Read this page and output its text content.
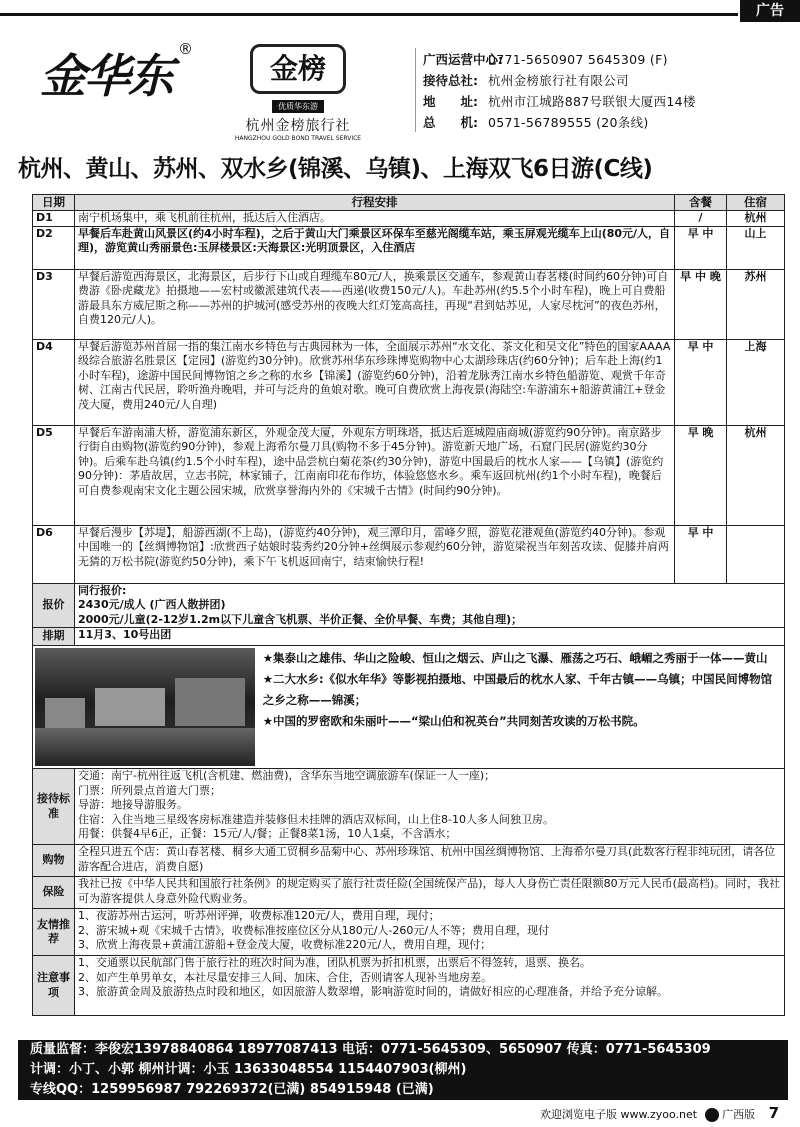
广告
金华东 ®
金榜
优质华东游
杭州金榜旅行社
HANGZHOU GOLD BOND TRAVEL SERVICE
广西运营中心:0771-5650907 5645309 (F)
接待总社: 杭州金榜旅行社有限公司
地　　址: 杭州市江城路887号联银大厦西14楼
总　　机: 0571-56789555 (20条线)
杭州、黄山、苏州、双水乡(锦溪、乌镇)、上海双飞6日游(C线)
日期	行程安排	含餐	住宿
D1	南宁机场集中，乘飞机前往杭州，抵达后入住酒店。	/	杭州
D2	早餐后车赴黄山风景区(约4小时车程)，之后于黄山大门乘景区环保车至慈光阁缆车站，乘玉屏观光缆车上山(80元/人，自理)，游览黄山秀丽景色:玉屏楼景区:天海景区:光明顶景区，入住酒店	早 中	山上
D3	早餐后游览西海景区，北海景区，后步行下山或自理缆车80元/人，换乘景区交通车，参观黄山春茗楼(时间约60分钟)可自费游《卧虎藏龙》拍摄地——宏村或徽派建筑代表——西递(收费150元/人)。车赴苏州(约5.5个小时车程)，晚上可自费船游最具东方威尼斯之称——苏州的护城河(感受苏州的夜晚大红灯笼高高挂，再现“君到姑苏见，人家尽枕河”的夜色苏州，自费120元/人)。	早 中 晚	苏州
D4	早餐后游览苏州首屈一指的集江南水乡特色与古典园林为一体，全面展示苏州“水文化、茶文化和吴文化”特色的国家AAAA级综合旅游名胜景区【定园】(游览约30分钟)。欣赏苏州华东珍珠博览购物中心太湖珍珠店(约60分钟)；后车赴上海(约1小时车程)，途游中国民间博物馆之乡之称的水乡【锦溪】(游览约60分钟)，沿着龙脉秀江南水乡特色船游览、观赏千年奇树、江南古代民居，聆听渔舟晚唱，并可与泛舟的鱼娘对歌。晚可自费欣赏上海夜景(海陆空:车游浦东+船游黄浦江+登金茂大厦，费用240元/人自理)	早 中	上海
D5	早餐后车游南浦大桥，游览浦东新区，外观金茂大厦，外观东方明珠塔，抵达后逛城隍庙商城(游览约90分钟)。南京路步行街自由购物(游览约90分钟)，参观上海希尔曼刀具(购物不多于45分钟)。游览新天地广场，石窟门民居(游览约30分钟)。后乘车赴乌镇(约1.5个小时车程)，途中品尝杭白菊花茶(约30分钟)，游览中国最后的枕水人家——【乌镇】(游览约90分钟)：茅盾故居，立志书院，林家铺子，江南南印花布作坊，体验悠悠水乡。乘车返回杭州(约1个小时车程)，晚餐后可自费参观南宋文化主题公园宋城，欣赏享誉海内外的《宋城千古情》(时间约90分钟)。	早 晚	杭州
D6	早餐后漫步【苏堤】，船游西湖(不上岛)，(游览约40分钟)，观三潭印月，雷峰夕照，游览花港观鱼(游览约40分钟)。参观中国唯一的【丝绸博物馆】:欣赏西子姑娘时装秀约20分钟+丝绸展示参观约60分钟，游览梁祝当年刻苦攻读、促膝并肩两无猜的万松书院(游览约50分钟)，乘下午飞机返回南宁，结束愉快行程!	早 中	
报价	同行报价:
2430元/成人 (广西人散拼团)
2000元/儿童(2-12岁1.2m以下儿童含飞机票、半价正餐、全价早餐、车费；其他自理)；		

排期	11月3、10号出团		

★集泰山之雄伟、华山之险峻、恒山之烟云、庐山之飞瀑、雁荡之巧石、峨嵋之秀丽于一体——黄山
★二大水乡:《似水年华》等影视拍摄地、中国最后的枕水人家、千年古镇——乌镇；中国民间博物馆之乡之称——锦溪；
★中国的罗密欧和朱丽叶——“梁山伯和祝英台”共同刻苦攻读的万松书院。			

接待标准	交通：南宁-杭州往返飞机(含机建、燃油费)，含华东当地空调旅游车(保证一人一座)；
门票：所列景点首道大门票；
导游：地接导游服务。
住宿：入住当地三星级客房标准建造并装修但未挂牌的酒店双标间，山上住8-10人多人间独卫房。
用餐：供餐4早6正，正餐：15元/人/餐；正餐8菜1汤，10人1桌，不含酒水；		

购物	全程只进五个店：黄山春茗楼、桐乡大通工贸桐乡品菊中心、苏州珍珠馆、杭州中国丝绸博物馆、上海希尔曼刀具(此数客行程非纯玩团，请各位游客配合进店，消费自愿)		
保险	我社已按《中华人民共和国旅行社条例》的规定购买了旅行社责任险(全国统保产品)，每人人身伤亡责任限额80万元人民币(最高档)。同时，我社可为游客提供人身意外险代购业务。		
友情推荐	1、夜游苏州古运河，听苏州评弹，收费标准120元/人，费用自理，现付；
2、游宋城+观《宋城千古情》，收费标准按座位区分从180元/人-260元/人不等；费用自理，现付
3、欣赏上海夜景+黄浦江游船+登金茂大厦，收费标准220元/人，费用自理，现付；		

注意事项	1、交通票以民航部门售于旅行社的班次时间为准，团队机票为折扣机票，出票后不得签转，退票、换名。
2、如产生单男单女，本社尽量安排三人间、加床、合住，否则请客人现补当地房差。
3、旅游黄金周及旅游热点时段和地区，如因旅游人数翠增，影响游览时间的，请做好相应的心理准备，并给予充分谅解。		
质量监督：李俊宏13978840864 18977087413 电话：0771-5645309、5650907 传真：0771-5645309
计调：小丁、小郭 柳州计调：小玉 13633048554 1154407903(柳州)
专线QQ：1259956987 792269372(已满) 854915948 (已满)
欢迎浏览电子版 www.zyoo.net 广西版 7
